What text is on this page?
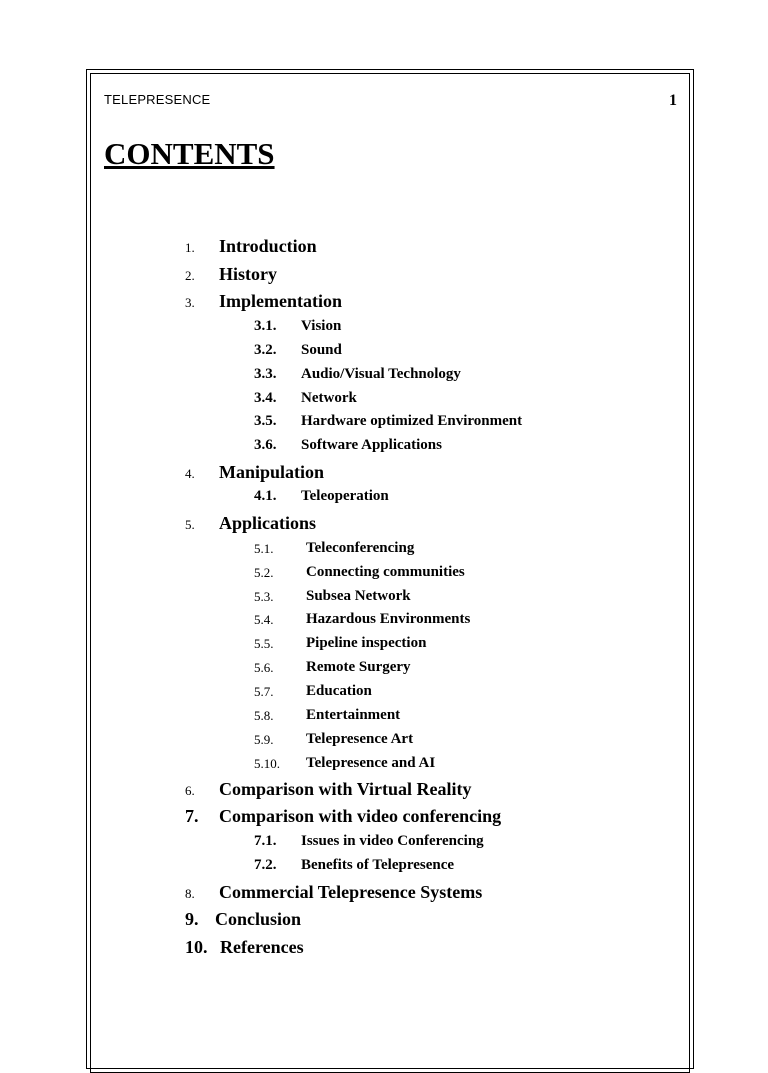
TELEPRESENCE	1
CONTENTS
1. Introduction
2. History
3. Implementation
3.1. Vision
3.2. Sound
3.3. Audio/Visual Technology
3.4. Network
3.5. Hardware optimized Environment
3.6. Software Applications
4. Manipulation
4.1. Teleoperation
5. Applications
5.1. Teleconferencing
5.2. Connecting communities
5.3. Subsea Network
5.4. Hazardous Environments
5.5. Pipeline inspection
5.6. Remote Surgery
5.7. Education
5.8. Entertainment
5.9. Telepresence Art
5.10. Telepresence and AI
6. Comparison with Virtual Reality
7. Comparison with video conferencing
7.1. Issues in video Conferencing
7.2. Benefits of Telepresence
8. Commercial Telepresence Systems
9. Conclusion
10. References
